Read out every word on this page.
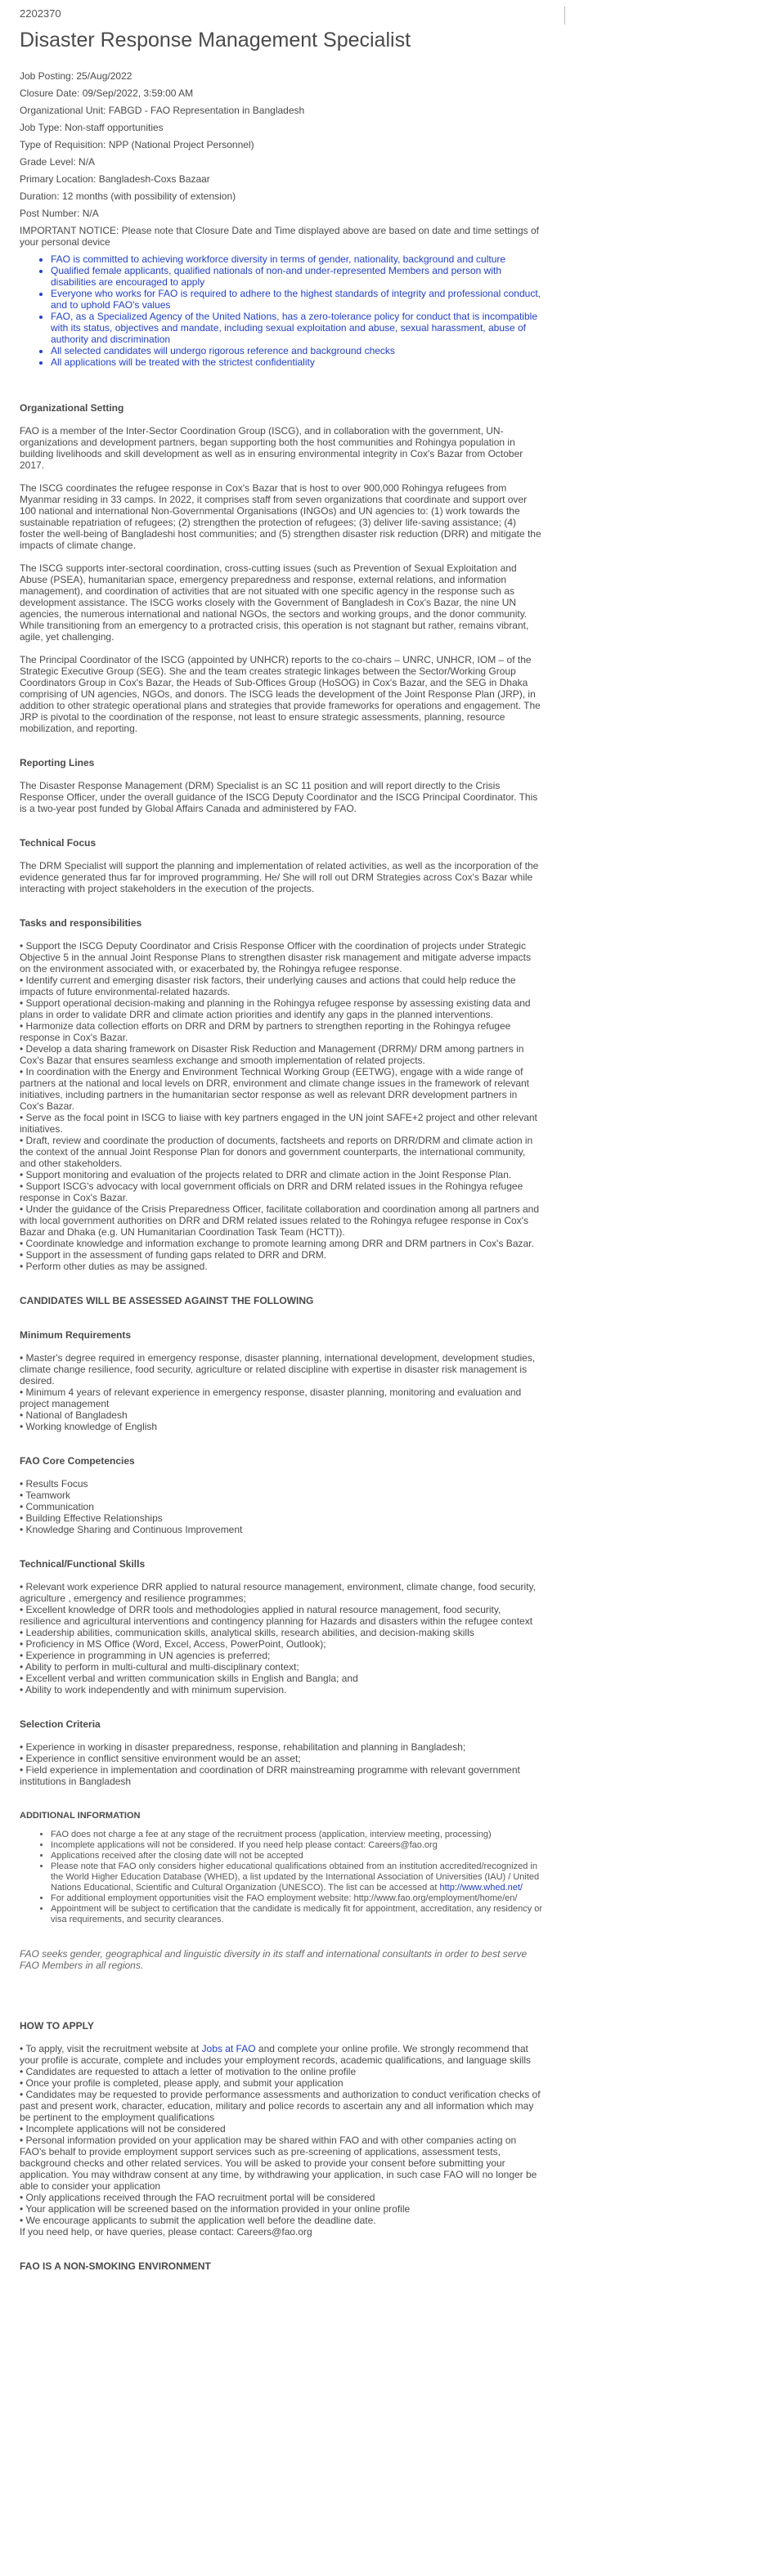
2202370
Disaster Response Management Specialist

Job Posting: 25/Aug/2022

Closure Date: 09/Sep/2022, 3:59:00 AM

Organizational Unit: FABGD - FAO Representation in Bangladesh

Job Type: Non-staff opportunities

Type of Requisition: NPP (National Project Personnel)

Grade Level: N/A

Primary Location: Bangladesh-Coxs Bazaar

Duration: 12 months (with possibility of extension)

Post Number: N/A

IMPORTANT NOTICE: Please note that Closure Date and Time displayed above are based on date and time settings of your personal device

• FAO is committed to achieving workforce diversity in terms of gender, nationality, background and culture
• Qualified female applicants, qualified nationals of non-and under-represented Members and person with disabilities are encouraged to apply
• Everyone who works for FAO is required to adhere to the highest standards of integrity and professional conduct, and to uphold FAO's values
• FAO, as a Specialized Agency of the United Nations, has a zero-tolerance policy for conduct that is incompatible with its status, objectives and mandate, including sexual exploitation and abuse, sexual harassment, abuse of authority and discrimination
• All selected candidates will undergo rigorous reference and background checks
• All applications will be treated with the strictest confidentiality
Organizational Setting

FAO is a member of the Inter-Sector Coordination Group (ISCG), and in collaboration with the government, UN-organizations and development partners, began supporting both the host communities and Rohingya population in building livelihoods and skill development as well as in ensuring environmental integrity in Cox's Bazar from October 2017.

The ISCG coordinates the refugee response in Cox's Bazar that is host to over 900,000 Rohingya refugees from Myanmar residing in 33 camps. In 2022, it comprises staff from seven organizations that coordinate and support over 100 national and international Non-Governmental Organisations (INGOs) and UN agencies to: (1) work towards the sustainable repatriation of refugees; (2) strengthen the protection of refugees; (3) deliver life-saving assistance; (4) foster the well-being of Bangladeshi host communities; and (5) strengthen disaster risk reduction (DRR) and mitigate the impacts of climate change.

The ISCG supports inter-sectoral coordination, cross-cutting issues (such as Prevention of Sexual Exploitation and Abuse (PSEA), humanitarian space, emergency preparedness and response, external relations, and information management), and coordination of activities that are not situated with one specific agency in the response such as development assistance. The ISCG works closely with the Government of Bangladesh in Cox's Bazar, the nine UN agencies, the numerous international and national NGOs, the sectors and working groups, and the donor community. While transitioning from an emergency to a protracted crisis, this operation is not stagnant but rather, remains vibrant, agile, yet challenging.

The Principal Coordinator of the ISCG (appointed by UNHCR) reports to the co-chairs – UNRC, UNHCR, IOM – of the Strategic Executive Group (SEG). She and the team creates strategic linkages between the Sector/Working Group Coordinators Group in Cox's Bazar, the Heads of Sub-Offices Group (HoSOG) in Cox's Bazar, and the SEG in Dhaka comprising of UN agencies, NGOs, and donors. The ISCG leads the development of the Joint Response Plan (JRP), in addition to other strategic operational plans and strategies that provide frameworks for operations and engagement. The JRP is pivotal to the coordination of the response, not least to ensure strategic assessments, planning, resource mobilization, and reporting.

Reporting Lines

The Disaster Response Management (DRM) Specialist is an SC 11 position and will report directly to the Crisis Response Officer, under the overall guidance of the ISCG Deputy Coordinator and the ISCG Principal Coordinator. This is a two-year post funded by Global Affairs Canada and administered by FAO.

Technical Focus

The DRM Specialist will support the planning and implementation of related activities, as well as the incorporation of the evidence generated thus far for improved programming. He/ She will roll out DRM Strategies across Cox's Bazar while interacting with project stakeholders in the execution of the projects.

Tasks and responsibilities

• Support the ISCG Deputy Coordinator and Crisis Response Officer with the coordination of projects under Strategic Objective 5 in the annual Joint Response Plans to strengthen disaster risk management and mitigate adverse impacts on the environment associated with, or exacerbated by, the Rohingya refugee response.

• Identify current and emerging disaster risk factors, their underlying causes and actions that could help reduce the impacts of future environmental-related hazards.

• Support operational decision-making and planning in the Rohingya refugee response by assessing existing data and plans in order to validate DRR and climate action priorities and identify any gaps in the planned interventions.

• Harmonize data collection efforts on DRR and DRM by partners to strengthen reporting in the Rohingya refugee response in Cox's Bazar.

• Develop a data sharing framework on Disaster Risk Reduction and Management (DRRM)/ DRM among partners in Cox's Bazar that ensures seamless exchange and smooth implementation of related projects.

• In coordination with the Energy and Environment Technical Working Group (EETWG), engage with a wide range of partners at the national and local levels on DRR, environment and climate change issues in the framework of relevant initiatives, including partners in the humanitarian sector response as well as relevant DRR development partners in Cox's Bazar.

• Serve as the focal point in ISCG to liaise with key partners engaged in the UN joint SAFE+2 project and other relevant initiatives.

• Draft, review and coordinate the production of documents, factsheets and reports on DRR/DRM and climate action in the context of the annual Joint Response Plan for donors and government counterparts, the international community, and other stakeholders.

• Support monitoring and evaluation of the projects related to DRR and climate action in the Joint Response Plan.

• Support ISCG's advocacy with local government officials on DRR and DRM related issues in the Rohingya refugee response in Cox's Bazar.

• Under the guidance of the Crisis Preparedness Officer, facilitate collaboration and coordination among all partners and with local government authorities on DRR and DRM related issues related to the Rohingya refugee response in Cox's Bazar and Dhaka (e.g. UN Humanitarian Coordination Task Team (HCTT)).

• Coordinate knowledge and information exchange to promote learning among DRR and DRM partners in Cox's Bazar.

• Support in the assessment of funding gaps related to DRR and DRM.

• Perform other duties as may be assigned.

CANDIDATES WILL BE ASSESSED AGAINST THE FOLLOWING
Minimum Requirements

• Master's degree required in emergency response, disaster planning, international development, development studies, climate change resilience, food security, agriculture or related discipline with expertise in disaster risk management is desired.

• Minimum 4 years of relevant experience in emergency response, disaster planning, monitoring and evaluation and project management

• National of Bangladesh

• Working knowledge of English

FAO Core Competencies

• Results Focus

• Teamwork

• Communication

• Building Effective Relationships

• Knowledge Sharing and Continuous Improvement

Technical/Functional Skills

• Relevant work experience DRR applied to natural resource management, environment, climate change, food security, agriculture , emergency and resilience programmes;

• Excellent knowledge of DRR tools and methodologies applied in natural resource management, food security, resilience and agricultural interventions and contingency planning for Hazards and disasters within the refugee context

• Leadership abilities, communication skills, analytical skills, research abilities, and decision-making skills

• Proficiency in MS Office (Word, Excel, Access, PowerPoint, Outlook);

• Experience in programming in UN agencies is preferred;

• Ability to perform in multi-cultural and multi-disciplinary context;

• Excellent verbal and written communication skills in English and Bangla; and

• Ability to work independently and with minimum supervision.

Selection Criteria

• Experience in working in disaster preparedness, response, rehabilitation and planning in Bangladesh;

• Experience in conflict sensitive environment would be an asset;

• Field experience in implementation and coordination of DRR mainstreaming programme with relevant government institutions in Bangladesh

ADDITIONAL INFORMATION
• FAO does not charge a fee at any stage of the recruitment process (application, interview meeting, processing)
• Incomplete applications will not be considered. If you need help please contact: Careers@fao.org
• Applications received after the closing date will not be accepted
• Please note that FAO only considers higher educational qualifications obtained from an institution accredited/recognized in the World Higher Education Database (WHED), a list updated by the International Association of Universities (IAU) / United Nations Educational, Scientific and Cultural Organization (UNESCO). The list can be accessed at http://www.whed.net/
• For additional employment opportunities visit the FAO employment website: http://www.fao.org/employment/home/en/
• Appointment will be subject to certification that the candidate is medically fit for appointment, accreditation, any residency or visa requirements, and security clearances.

FAO seeks gender, geographical and linguistic diversity in its staff and international consultants in order to best serve FAO Members in all regions.

HOW TO APPLY

• To apply, visit the recruitment website at Jobs at FAO and complete your online profile. We strongly recommend that your profile is accurate, complete and includes your employment records, academic qualifications, and language skills

• Candidates are requested to attach a letter of motivation to the online profile

• Once your profile is completed, please apply, and submit your application

• Candidates may be requested to provide performance assessments and authorization to conduct verification checks of past and present work, character, education, military and police records to ascertain any and all information which may be pertinent to the employment qualifications

• Incomplete applications will not be considered

• Personal information provided on your application may be shared within FAO and with other companies acting on FAO's behalf to provide employment support services such as pre-screening of applications, assessment tests, background checks and other related services. You will be asked to provide your consent before submitting your application. You may withdraw consent at any time, by withdrawing your application, in such case FAO will no longer be able to consider your application

• Only applications received through the FAO recruitment portal will be considered

• Your application will be screened based on the information provided in your online profile

• We encourage applicants to submit the application well before the deadline date.

If you need help, or have queries, please contact: Careers@fao.org

FAO IS A NON-SMOKING ENVIRONMENT
